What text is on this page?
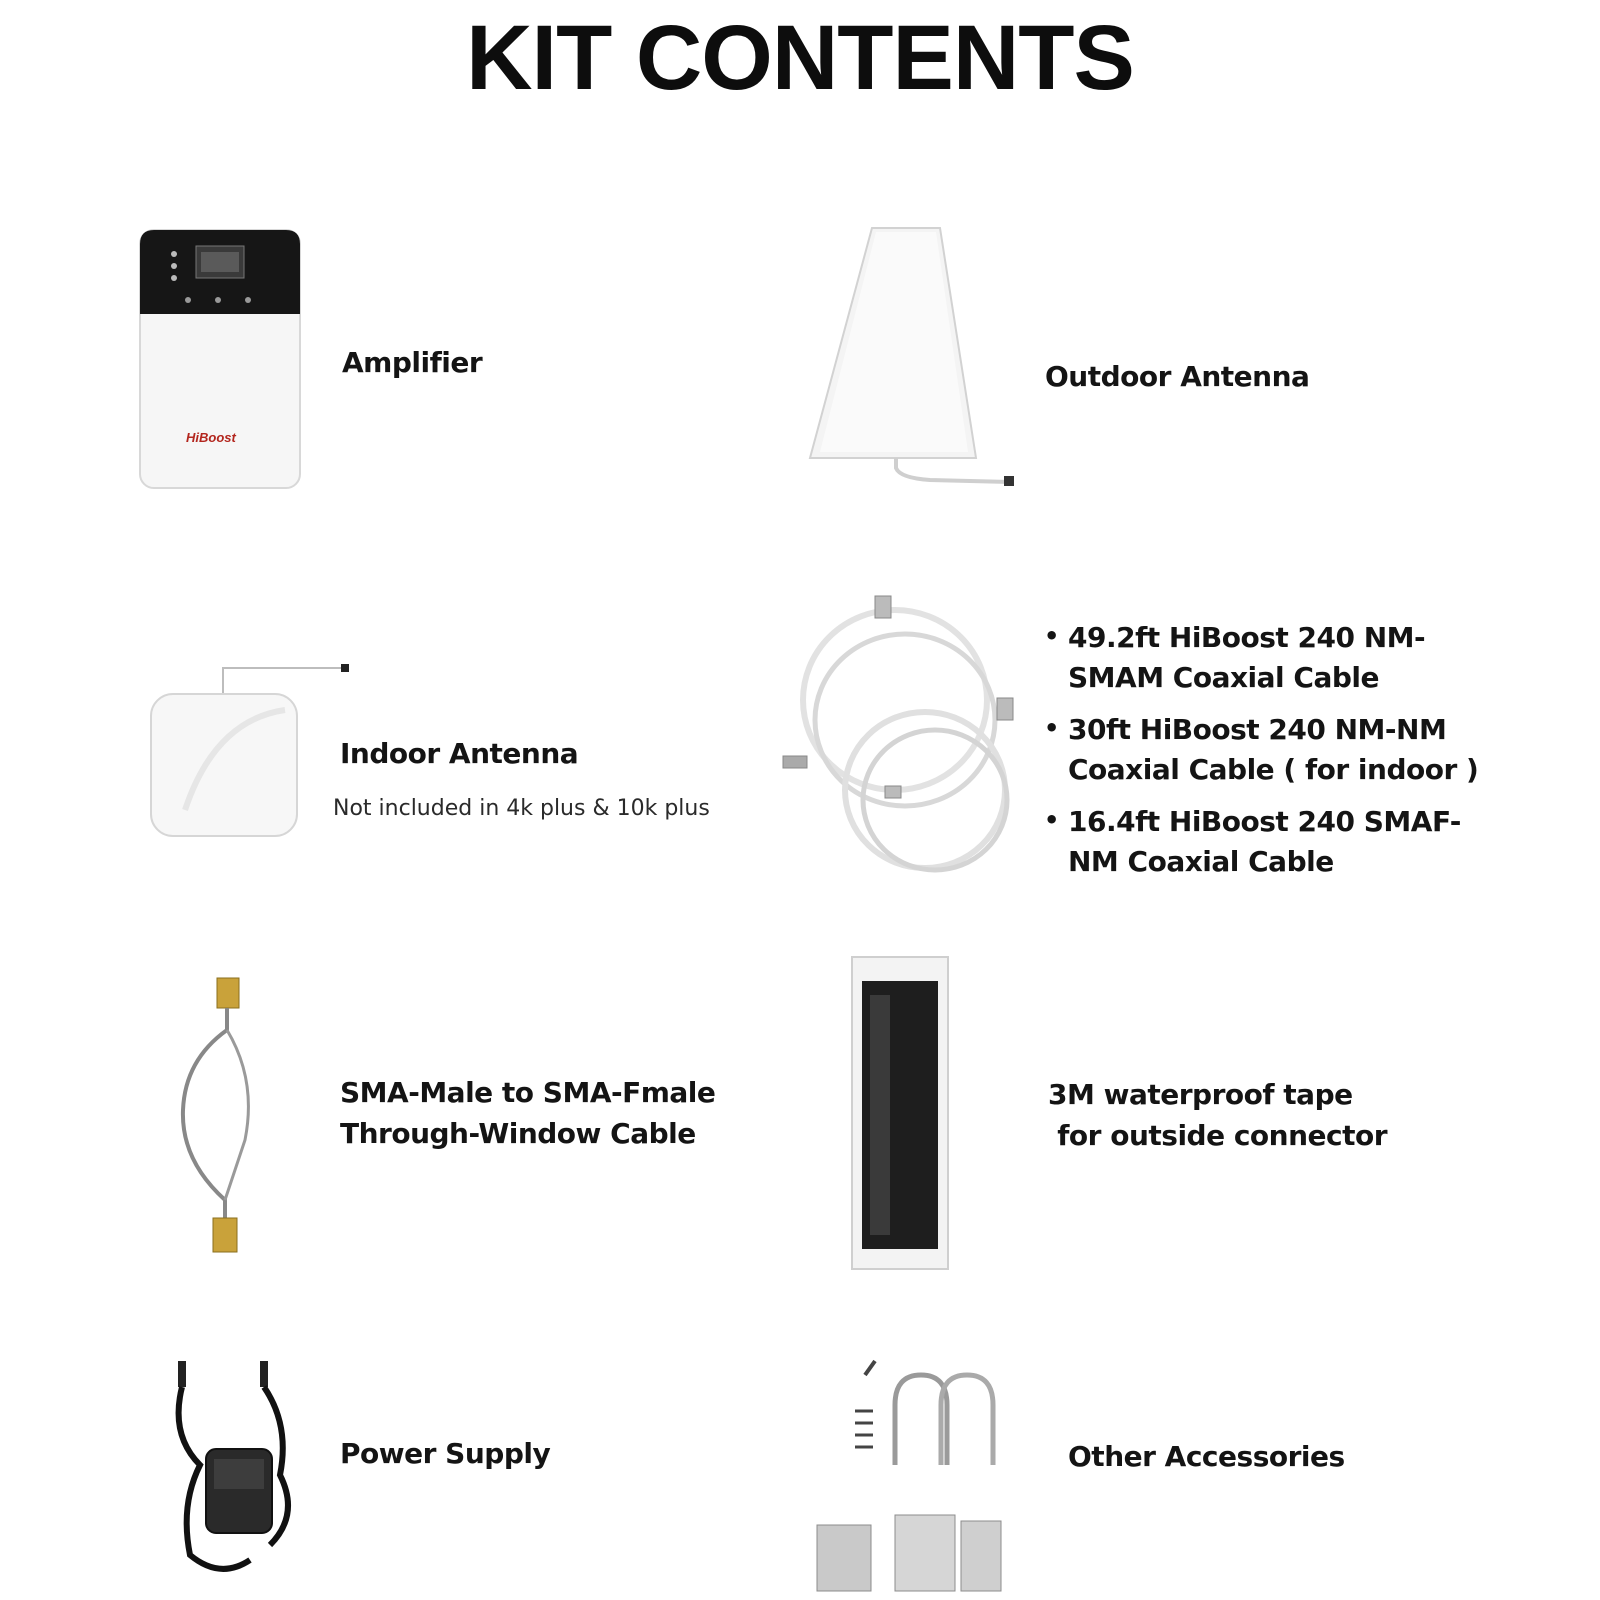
KIT CONTENTS
HiBoost
Amplifier	Outdoor Antenna
Indoor Antenna
Not included in 4k plus & 10k plus
• 49.2ft HiBoost 240 NM-SMAM Coaxial Cable
• 30ft HiBoost 240 NM-NM Coaxial Cable ( for indoor )
• 16.4ft HiBoost 240 SMAF-NM Coaxial Cable
SMA-Male to SMA-Fmale
Through-Window Cable
3M waterproof tape
for outside connector
Power Supply	Other Accessories
